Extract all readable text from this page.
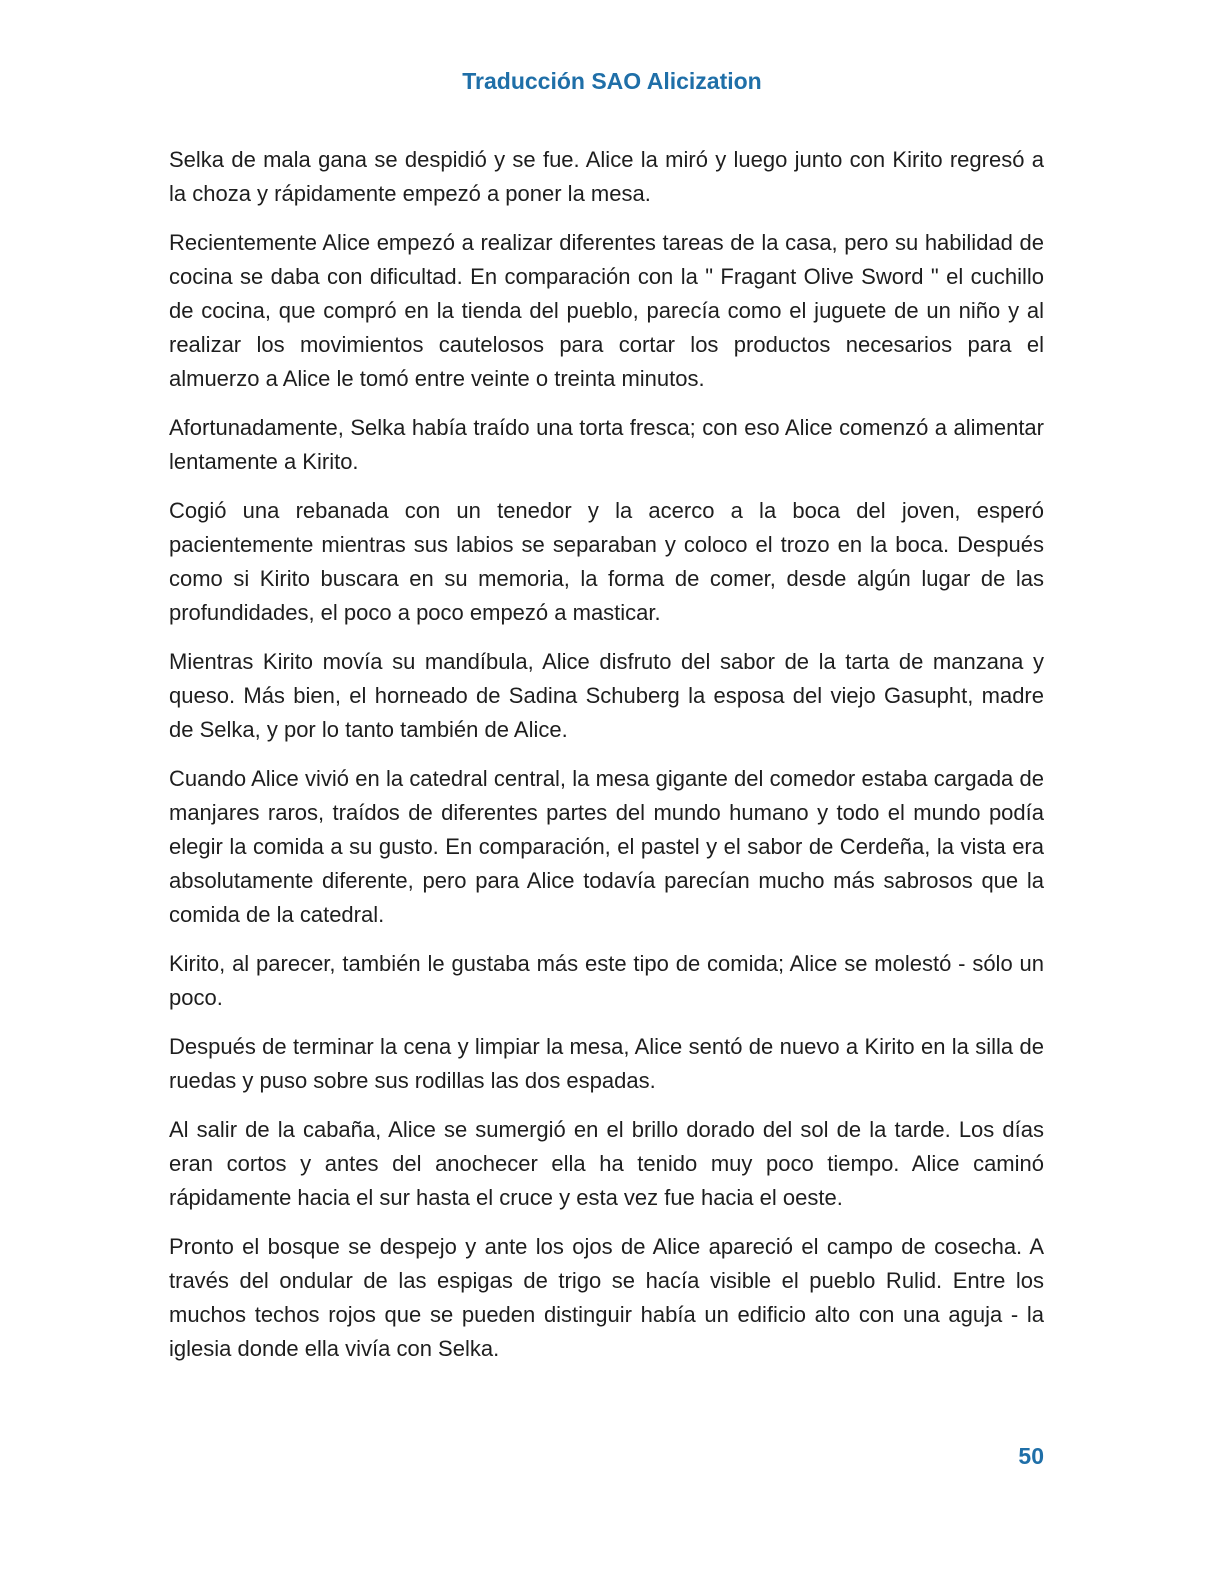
Traducción SAO Alicization

Selka de mala gana se despidió y se fue. Alice la miró y luego junto con Kirito regresó a la choza y rápidamente empezó a poner la mesa.

Recientemente Alice empezó a realizar diferentes tareas de la casa, pero su habilidad de cocina se daba con dificultad. En comparación con la " Fragant Olive Sword " el cuchillo de cocina, que compró en la tienda del pueblo, parecía como el juguete de un niño y al realizar los movimientos cautelosos para cortar los productos necesarios para el almuerzo a Alice le tomó entre veinte o treinta minutos.

Afortunadamente, Selka había traído una torta fresca; con eso Alice comenzó a alimentar lentamente a Kirito.

Cogió una rebanada con un tenedor y la acerco a la boca del joven, esperó pacientemente mientras sus labios se separaban y coloco el trozo en la boca. Después como si Kirito buscara en su memoria, la forma de comer, desde algún lugar de las profundidades, el poco a poco empezó a masticar.

Mientras Kirito movía su mandíbula, Alice disfruto del sabor de la tarta de manzana y queso. Más bien, el horneado de Sadina Schuberg la esposa del viejo Gasupht, madre de Selka, y por lo tanto también de Alice.

Cuando Alice vivió en la catedral central, la mesa gigante del comedor estaba cargada de manjares raros, traídos de diferentes partes del mundo humano y todo el mundo podía elegir la comida a su gusto. En comparación, el pastel y el sabor de Cerdeña, la vista era absolutamente diferente, pero para Alice todavía parecían mucho más sabrosos que la comida de la catedral.

Kirito, al parecer, también le gustaba más este tipo de comida; Alice se molestó - sólo un poco.

Después de terminar la cena y limpiar la mesa, Alice sentó de nuevo a Kirito en la silla de ruedas y puso sobre sus rodillas las dos espadas.

Al salir de la cabaña, Alice se sumergió en el brillo dorado del sol de la tarde. Los días eran cortos y antes del anochecer ella ha tenido muy poco tiempo. Alice caminó rápidamente hacia el sur hasta el cruce y esta vez fue hacia el oeste.

Pronto el bosque se despejo y ante los ojos de Alice apareció el campo de cosecha. A través del ondular de las espigas de trigo se hacía visible el pueblo Rulid. Entre los muchos techos rojos que se pueden distinguir había un edificio alto con una aguja - la iglesia donde ella vivía con Selka.

50
